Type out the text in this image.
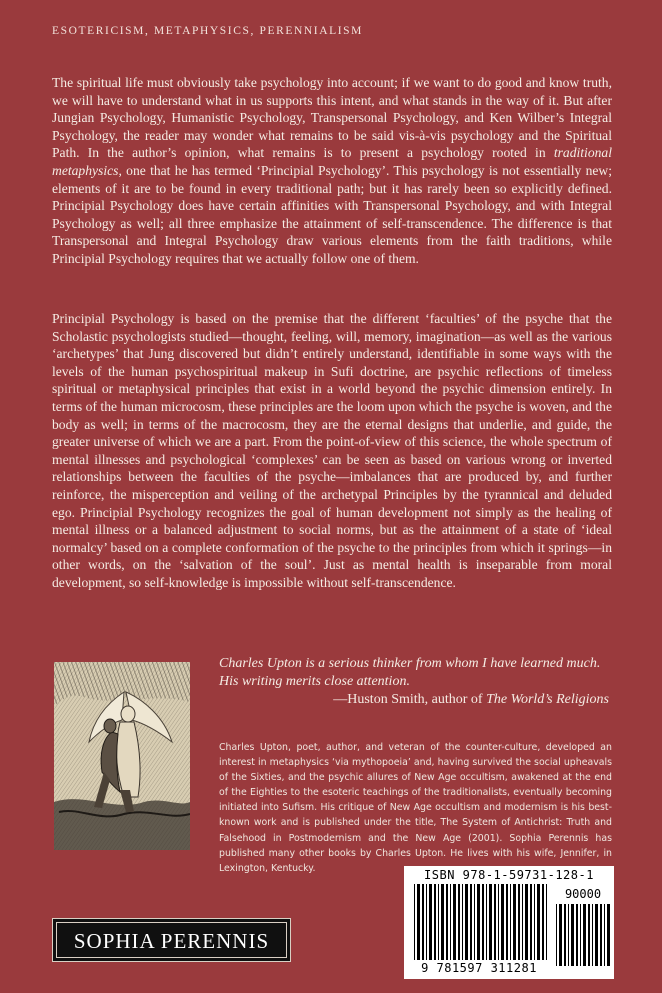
ESOTERICISM, METAPHYSICS, PERENNIALISM

The spiritual life must obviously take psychology into account; if we want to do good and know truth, we will have to understand what in us supports this intent, and what stands in the way of it. But after Jungian Psychology, Humanistic Psychology, Transpersonal Psychology, and Ken Wilber’s Integral Psychology, the reader may wonder what remains to be said vis-à-vis psychology and the Spiritual Path. In the author’s opinion, what remains is to present a psychology rooted in traditional metaphysics, one that he has termed ‘Principial Psychology’. This psychology is not essentially new; elements of it are to be found in every traditional path; but it has rarely been so explicitly defined. Principial Psychology does have certain affinities with Transpersonal Psychology, and with Integral Psychology as well; all three emphasize the attainment of self-transcendence. The difference is that Transpersonal and Integral Psychology draw various elements from the faith traditions, while Principial Psychology requires that we actually follow one of them.

Principial Psychology is based on the premise that the different ‘faculties’ of the psyche that the Scholastic psychologists studied—thought, feeling, will, memory, imagination—as well as the various ‘archetypes’ that Jung discovered but didn’t entirely understand, identifiable in some ways with the levels of the human psychospiritual makeup in Sufi doctrine, are psychic reflections of timeless spiritual or metaphysical principles that exist in a world beyond the psychic dimension entirely. In terms of the human microcosm, these principles are the loom upon which the psyche is woven, and the body as well; in terms of the macrocosm, they are the eternal designs that underlie, and guide, the greater universe of which we are a part. From the point-of-view of this science, the whole spectrum of mental illnesses and psychological ‘complexes’ can be seen as based on various wrong or inverted relationships between the faculties of the psyche—imbalances that are produced by, and further reinforce, the misperception and veiling of the archetypal Principles by the tyrannical and deluded ego. Principial Psychology recognizes the goal of human development not simply as the healing of mental illness or a balanced adjustment to social norms, but as the attainment of a state of ‘ideal normalcy’ based on a complete conformation of the psyche to the principles from which it springs—in other words, on the ‘salvation of the soul’. Just as mental health is inseparable from moral development, so self-knowledge is impossible without self-transcendence.

Charles Upton is a serious thinker from whom I have learned much. His writing merits close attention.

—Huston Smith, author of The World’s Religions

Charles Upton, poet, author, and veteran of the counter-culture, developed an interest in metaphysics ‘via mythopoeia’ and, having survived the social upheavals of the Sixties, and the psychic allures of New Age occultism, awakened at the end of the Eighties to the esoteric teachings of the traditionalists, eventually becoming initiated into Sufism. His critique of New Age occultism and modernism is his best-known work and is published under the title, The System of Antichrist: Truth and Falsehood in Postmodernism and the New Age (2001). Sophia Perennis has published many other books by Charles Upton. He lives with his wife, Jennifer, in Lexington, Kentucky.	ISBN 978-1-59731-128-1
90000
9 781597 311281
SOPHIA PERENNIS
